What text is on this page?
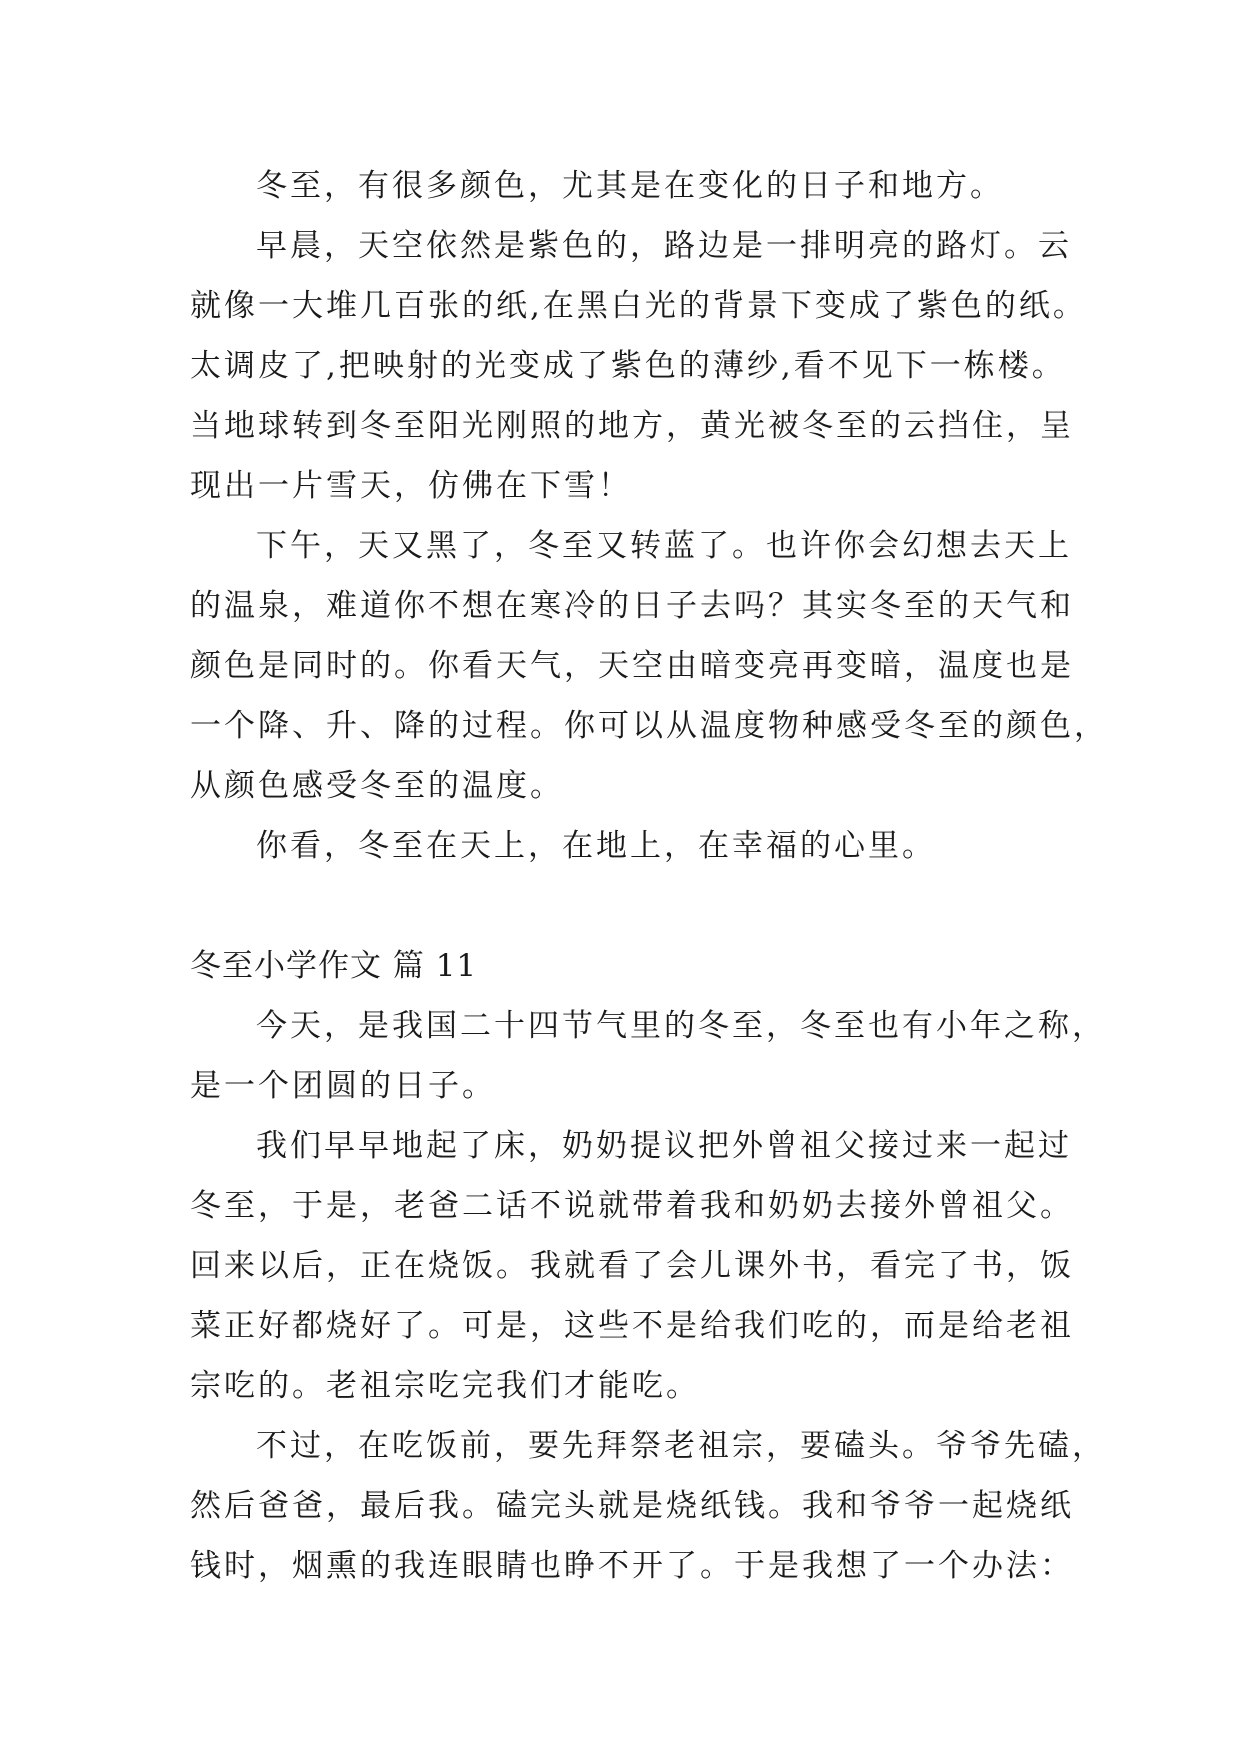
冬至，有很多颜色，尤其是在变化的日子和地方。
早晨，天空依然是紫色的，路边是一排明亮的路灯。云
就像一大堆几百张的纸,在黑白光的背景下变成了紫色的纸。
太调皮了,把映射的光变成了紫色的薄纱,看不见下一栋楼。
当地球转到冬至阳光刚照的地方，黄光被冬至的云挡住，呈
现出一片雪天，仿佛在下雪！
下午，天又黑了，冬至又转蓝了。也许你会幻想去天上
的温泉，难道你不想在寒冷的日子去吗？其实冬至的天气和
颜色是同时的。你看天气，天空由暗变亮再变暗，温度也是
一个降、升、降的过程。你可以从温度物种感受冬至的颜色，
从颜色感受冬至的温度。
你看，冬至在天上，在地上，在幸福的心里。
冬至小学作文 篇 11
今天，是我国二十四节气里的冬至，冬至也有小年之称，
是一个团圆的日子。
我们早早地起了床，奶奶提议把外曾祖父接过来一起过
冬至，于是，老爸二话不说就带着我和奶奶去接外曾祖父。
回来以后，正在烧饭。我就看了会儿课外书，看完了书，饭
菜正好都烧好了。可是，这些不是给我们吃的，而是给老祖
宗吃的。老祖宗吃完我们才能吃。
不过，在吃饭前，要先拜祭老祖宗，要磕头。爷爷先磕，
然后爸爸，最后我。磕完头就是烧纸钱。我和爷爷一起烧纸
钱时，烟熏的我连眼睛也睁不开了。于是我想了一个办法：
